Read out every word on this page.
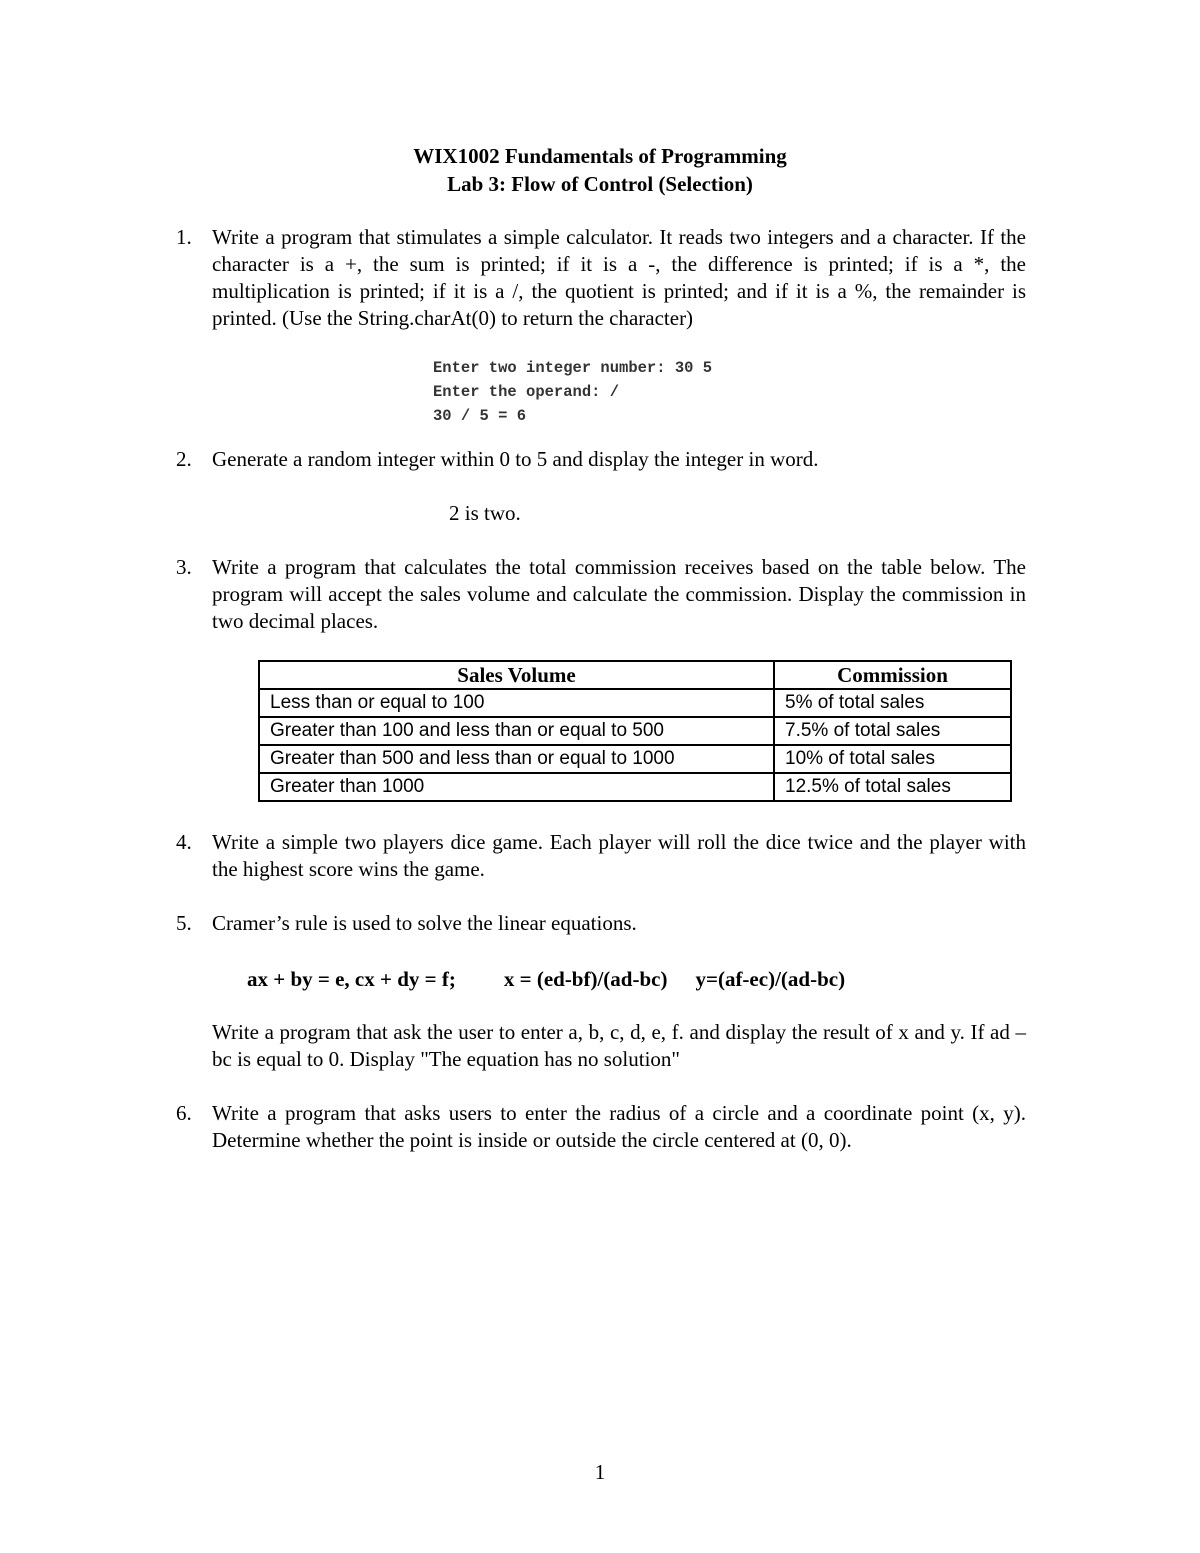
WIX1002 Fundamentals of Programming
Lab 3: Flow of Control (Selection)
1. Write a program that stimulates a simple calculator. It reads two integers and a character. If the character is a +, the sum is printed; if it is a -, the difference is printed; if is a *, the multiplication is printed; if it is a /, the quotient is printed; and if it is a %, the remainder is printed. (Use the String.charAt(0) to return the character)
Enter two integer number: 30 5
Enter the operand: /
30 / 5 = 6
2. Generate a random integer within 0 to 5 and display the integer in word.
2 is two.
3. Write a program that calculates the total commission receives based on the table below. The program will accept the sales volume and calculate the commission. Display the commission in two decimal places.
Sales Volume	Commission
Less than or equal to 100	5% of total sales
Greater than 100 and less than or equal to 500	7.5% of total sales
Greater than 500 and less than or equal to 1000	10% of total sales
Greater than 1000	12.5% of total sales
4. Write a simple two players dice game. Each player will roll the dice twice and the player with the highest score wins the game.
5. Cramer’s rule is used to solve the linear equations.
ax + by = e, cx + dy = f; x = (ed-bf)/(ad-bc) y=(af-ec)/(ad-bc)
Write a program that ask the user to enter a, b, c, d, e, f. and display the result of x and y. If ad – bc is equal to 0. Display "The equation has no solution"
6. Write a program that asks users to enter the radius of a circle and a coordinate point (x, y). Determine whether the point is inside or outside the circle centered at (0, 0).
1
